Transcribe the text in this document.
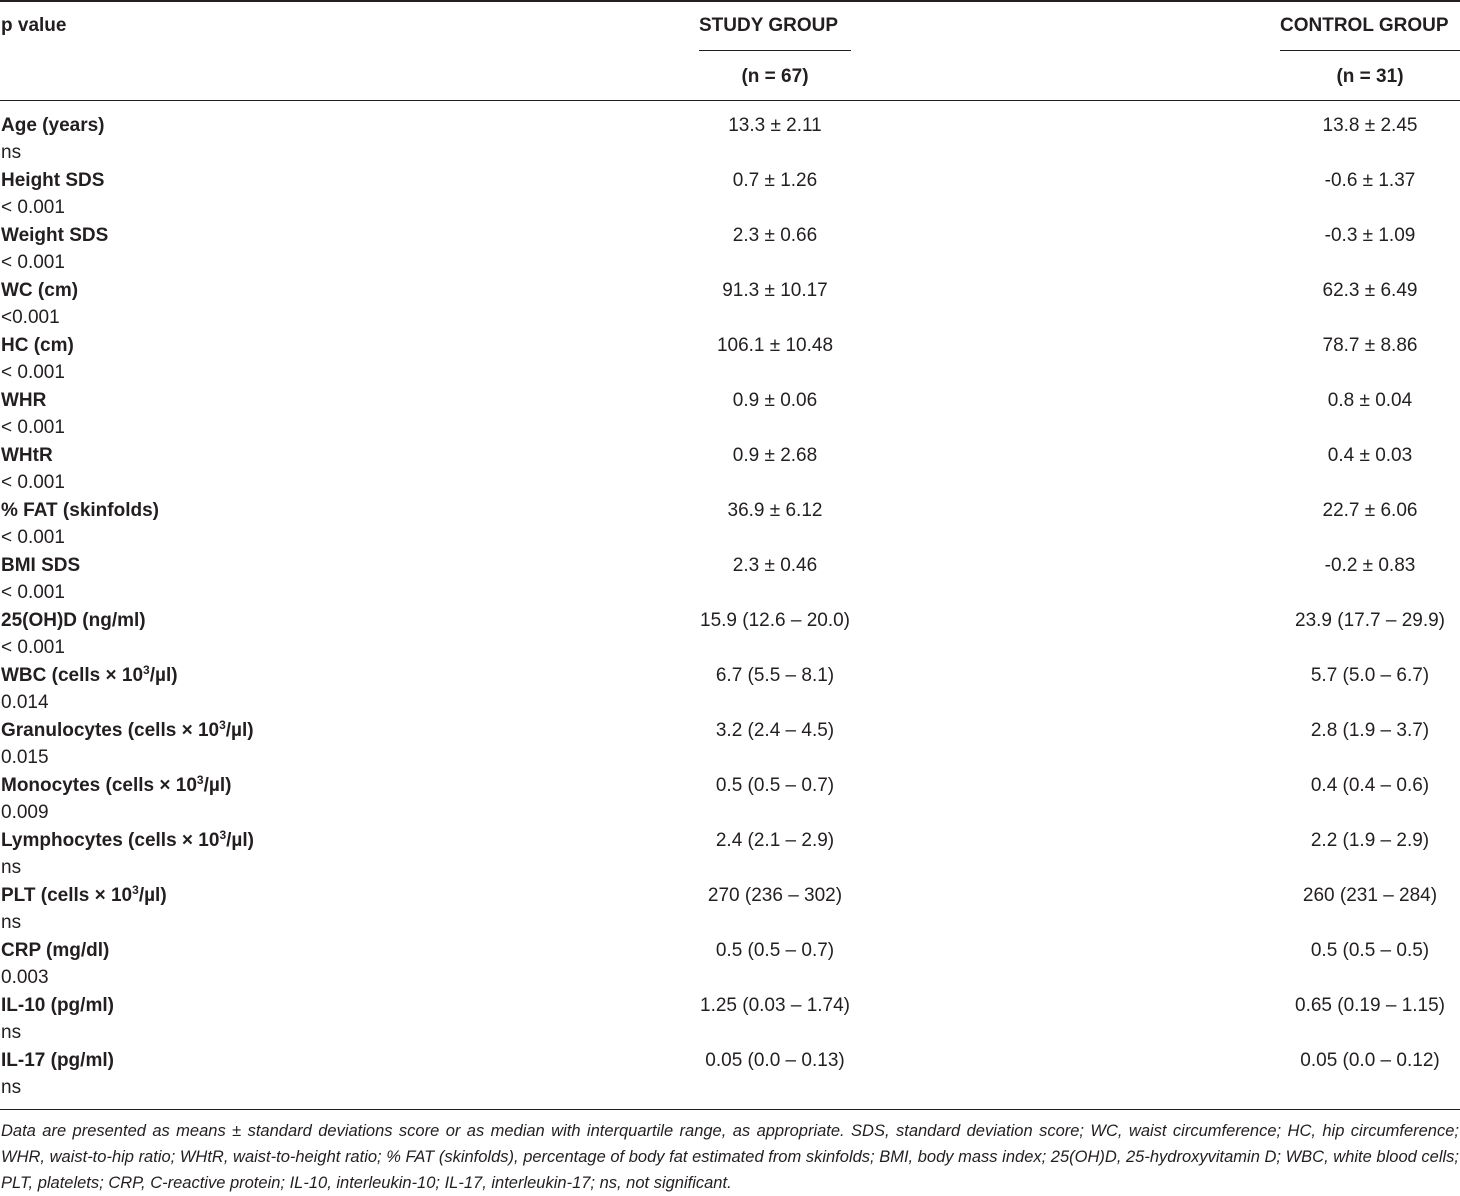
p value	STUDY GROUP	CONTROL GROUP
(n = 67)	(n = 31)
Age (years)	13.3 ± 2.11	13.8 ± 2.45
ns
Height SDS	0.7 ± 1.26	-0.6 ± 1.37
< 0.001
Weight SDS	2.3 ± 0.66	-0.3 ± 1.09
< 0.001
WC (cm)	91.3 ± 10.17	62.3 ± 6.49
<0.001
HC (cm)	106.1 ± 10.48	78.7 ± 8.86
< 0.001
WHR	0.9 ± 0.06	0.8 ± 0.04
< 0.001
WHtR	0.9 ± 2.68	0.4 ± 0.03
< 0.001
% FAT (skinfolds)	36.9 ± 6.12	22.7 ± 6.06
< 0.001
BMI SDS	2.3 ± 0.46	-0.2 ± 0.83
< 0.001
25(OH)D (ng/ml)	15.9 (12.6 – 20.0)	23.9 (17.7 – 29.9)
< 0.001
WBC (cells × $10^3/\mu l$)	6.7 (5.5 – 8.1)	5.7 (5.0 – 6.7)
0.014
Granulocytes (cells × $10^3/\mu l$)	3.2 (2.4 – 4.5)	2.8 (1.9 – 3.7)
0.015
Monocytes (cells × $10^3/\mu l$)	0.5 (0.5 – 0.7)	0.4 (0.4 – 0.6)
0.009
Lymphocytes (cells × $10^3/\mu l$)	2.4 (2.1 – 2.9)	2.2 (1.9 – 2.9)
ns
PLT (cells × $10^3/\mu l$)	270 (236 – 302)	260 (231 – 284)
ns
CRP (mg/dl)	0.5 (0.5 – 0.7)	0.5 (0.5 – 0.5)
0.003
IL-10 (pg/ml)	1.25 (0.03 – 1.74)	0.65 (0.19 – 1.15)
ns
IL-17 (pg/ml)	0.05 (0.0 – 0.13)	0.05 (0.0 – 0.12)
ns

Data are presented as means ± standard deviations score or as median with interquartile range, as appropriate. SDS, standard deviation score; WC, waist circumference; HC, hip circumference; WHR, waist-to-hip ratio; WHtR, waist-to-height ratio; % FAT (skinfolds), percentage of body fat estimated from skinfolds; BMI, body mass index; 25(OH)D, 25-hydroxyvitamin D; WBC, white blood cells; PLT, platelets; CRP, C-reactive protein; IL-10, interleukin-10; IL-17, interleukin-17; ns, not significant.
